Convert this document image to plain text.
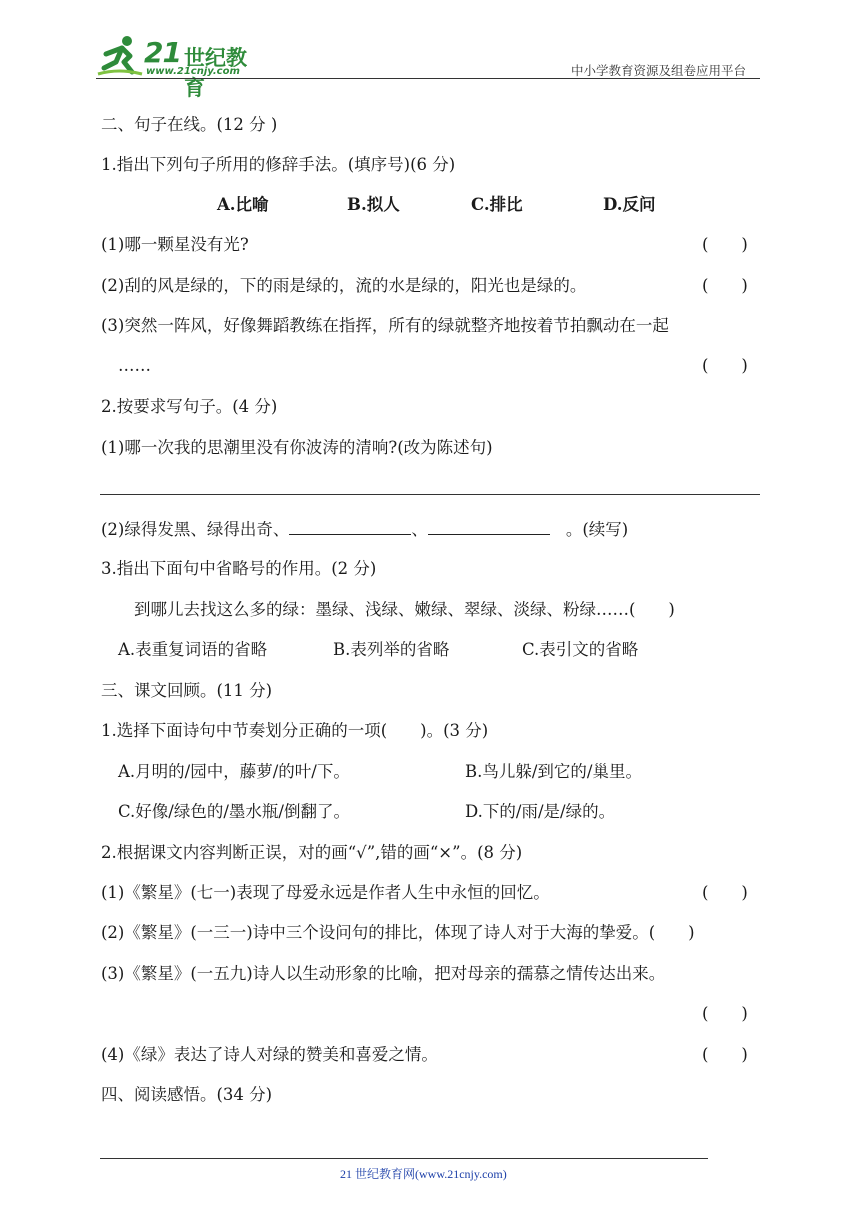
21 世纪教育
www.21cnjy.com	中小学教育资源及组卷应用平台
二、句子在线。(12 分 )
1.指出下列句子所用的修辞手法。(填序号)(6 分)
A.比喻	B.拟人	C.排比	D.反问
(1)哪一颗星没有光?	(　　)
(2)刮的风是绿的，下的雨是绿的，流的水是绿的，阳光也是绿的。	(　　)
(3)突然一阵风，好像舞蹈教练在指挥，所有的绿就整齐地按着节拍飘动在一起
……	(　　)
2.按要求写句子。(4 分)
(1)哪一次我的思潮里没有你波涛的清响?(改为陈述句)
(2)绿得发黑、绿得出奇、	、	。(续写)
3.指出下面句中省略号的作用。(2 分)
到哪儿去找这么多的绿：墨绿、浅绿、嫩绿、翠绿、淡绿、粉绿……(　　)
A.表重复词语的省略	B.表列举的省略	C.表引文的省略
三、课文回顾。(11 分)
1.选择下面诗句中节奏划分正确的一项(　　)。(3 分)
A.月明的/园中，藤萝/的叶/下。	B.鸟儿躲/到它的/巢里。
C.好像/绿色的/墨水瓶/倒翻了。	D.下的/雨/是/绿的。
2.根据课文内容判断正误，对的画“√”,错的画“×”。(8 分)
(1)《繁星》(七一)表现了母爱永远是作者人生中永恒的回忆。	(　　)
(2)《繁星》(一三一)诗中三个设问句的排比，体现了诗人对于大海的挚爱。(　　)
(3)《繁星》(一五九)诗人以生动形象的比喻，把对母亲的孺慕之情传达出来。
(　　)
(4)《绿》表达了诗人对绿的赞美和喜爱之情。	(　　)
四、阅读感悟。(34 分)
21 世纪教育网(www.21cnjy.com)
